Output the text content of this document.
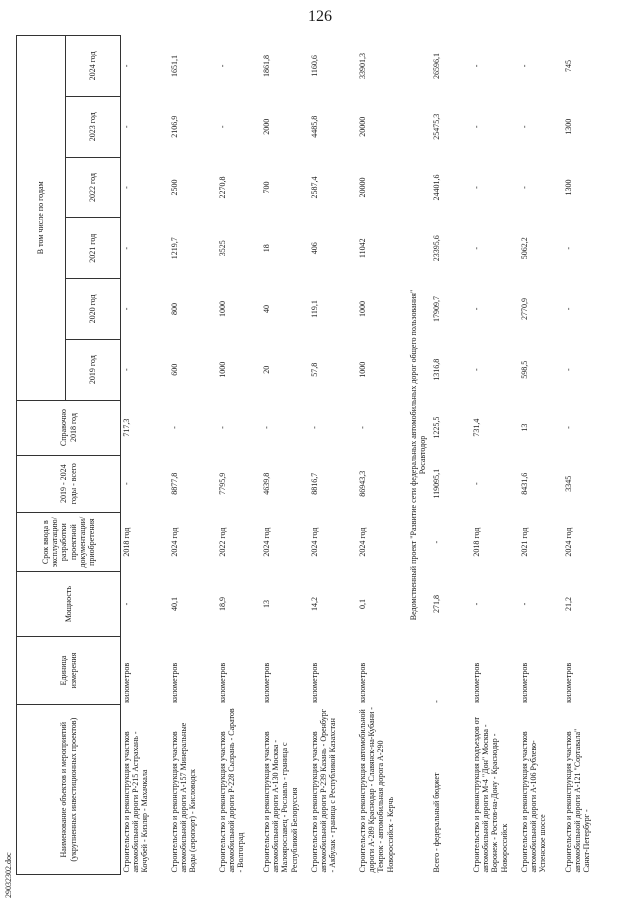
126
Наименование объектов и мероприятий (укрупненных инвестиционных проектов)	Единица измерения	Мощность	Срок ввода в эксплуатацию/ разработки проектной документации/ приобретения	2019 - 2024 годы - всего	Справочно 2018 год	В том числе по годам					
						2019 год	2020 год	2021 год	2022 год	2023 год	2024 год
Строительство и реконструкция участков автомобильной дороги Р-215 Астрахань - Кочубей - Кизляр - Махачкала	километров	-	2018 год	-	717,3	-	-	-	-	-	-
Строительство и реконструкция участков автомобильной дороги А-157 Минеральные Воды (аэропорт) - Кисловодск	километров	40,1	2024 год	8877,8	-	600	800	1219,7	2500	2106,9	1651,1
Строительство и реконструкция участков автомобильной дороги Р-228 Сызрань - Саратов - Волгоград	километров	18,9	2022 год	7795,9	-	1000	1000	3525	2270,8	-	-
Строительство и реконструкция участков автомобильной дороги А-130 Москва - Малоярославец - Рославль - граница с Республикой Белоруссия	километров	13	2024 год	4639,8	-	20	40	18	700	2000	1861,8
Строительство и реконструкция участков автомобильной дороги Р-239 Казань - Оренбург - Акбулак - граница с Республикой Казахстан	километров	14,2	2024 год	8816,7	-	57,8	119,1	406	2587,4	4485,8	1160,6
Строительство и реконструкция автомобильной дороги А-289 Краснодар - Славянск-на-Кубани - Темрюк - автомобильная дорога А-290 Новороссийск - Керчь	километров	0,1	2024 год	86943,3	-	1000	1000	11042	20000	20000	33901,3

Ведомственный проект "Развитие сети федеральных автомобильных дорог общего пользования" Росавтодор											

Всего - федеральный бюджет	-	271,8	-	119095,1	1225,5	1316,8	17909,7	23395,6	24401,6	25475,3	26596,1
Строительство и реконструкция подъездов от автомобильной дороги М-4 "Дон" Москва - Воронеж - Ростов-на-Дону - Краснодар - Новороссийск	километров	-	2018 год	-	731,4	-	-	-	-	-	-
Строительство и реконструкция участков автомобильной дороги А-106 Рублево-Успенское шоссе	километров	-	2021 год	8431,6	13	598,5	2770,9	5062,2	-	-	-
Строительство и реконструкция участков автомобильной дороги А-121 "Сортавала" Санкт-Петербург -	километров	21,2	2024 год	3345	-	-	-	-	1300	1300	745
29032302.doc
